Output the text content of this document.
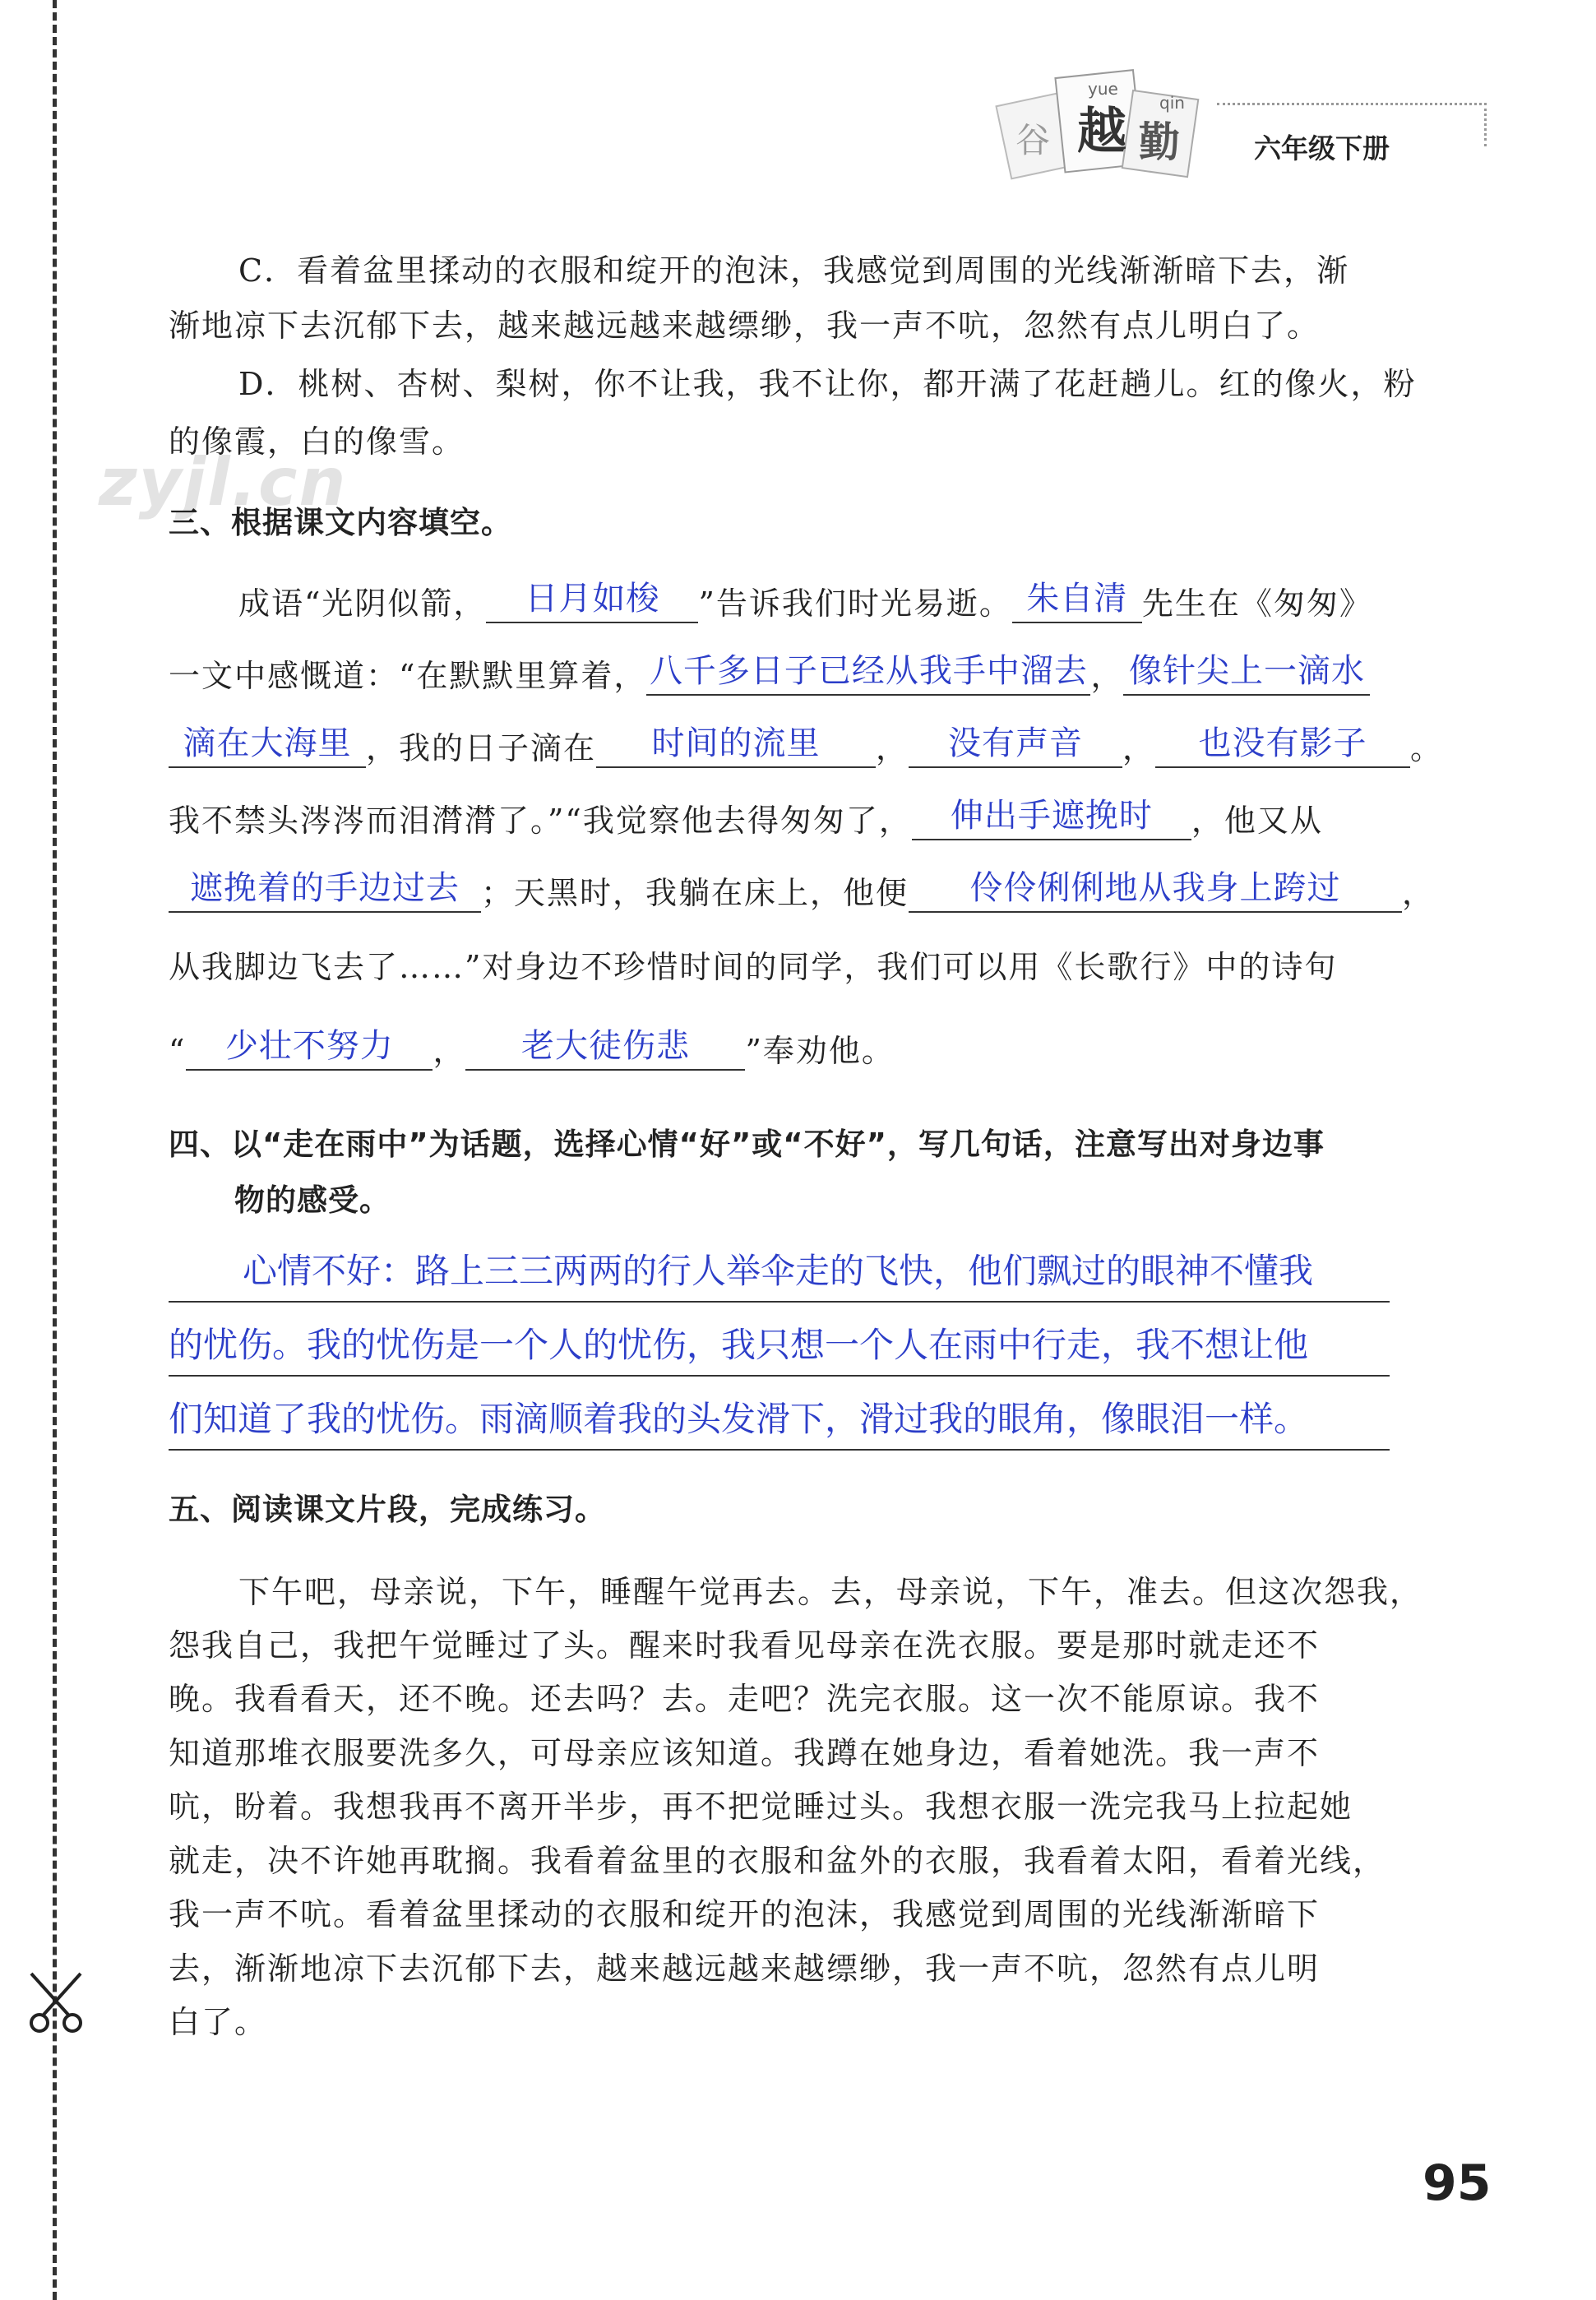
谷
yue
越 qin
勤	六年级下册
zyjl.cn
C．看着盆里揉动的衣服和绽开的泡沫，我感觉到周围的光线渐渐暗下去，渐
渐地凉下去沉郁下去，越来越远越来越缥缈，我一声不吭，忽然有点儿明白了。
D．桃树、杏树、梨树，你不让我，我不让你，都开满了花赶趟儿。红的像火，粉
的像霞，白的像雪。
三、根据课文内容填空。
成语“光阴似箭，	日月如梭	”告诉我们时光易逝。 朱自清 先生在《匆匆》
一文中感慨道：“在默默里算着， 八千多日子已经从我手中溜去 ， 像针尖上一滴水
滴在大海里 ，我的日子滴在	时间的流里	，	没有声音	，	也没有影子	。
我不禁头涔涔而泪潸潸了。”“我觉察他去得匆匆了，	伸出手遮挽时	，他又从
遮挽着的手边过去 ；天黑时，我躺在床上，他便	伶伶俐俐地从我身上跨过	，
从我脚边飞去了……”对身边不珍惜时间的同学，我们可以用《长歌行》中的诗句
“	少壮不努力	，	老大徒伤悲	”奉劝他。
四、以“走在雨中”为话题，选择心情“好”或“不好”，写几句话，注意写出对身边事
物的感受。
心情不好：路上三三两两的行人举伞走的飞快，他们飘过的眼神不懂我
的忧伤。我的忧伤是一个人的忧伤，我只想一个人在雨中行走，我不想让他
们知道了我的忧伤。雨滴顺着我的头发滑下，滑过我的眼角，像眼泪一样。
五、阅读课文片段，完成练习。
下午吧，母亲说，下午，睡醒午觉再去。去，母亲说，下午，准去。但这次怨我，
怨我自己，我把午觉睡过了头。醒来时我看见母亲在洗衣服。要是那时就走还不
晚。我看看天，还不晚。还去吗？去。走吧？洗完衣服。这一次不能原谅。我不
知道那堆衣服要洗多久，可母亲应该知道。我蹲在她身边，看着她洗。我一声不
吭，盼着。我想我再不离开半步，再不把觉睡过头。我想衣服一洗完我马上拉起她
就走，决不许她再耽搁。我看着盆里的衣服和盆外的衣服，我看着太阳，看着光线，
我一声不吭。看着盆里揉动的衣服和绽开的泡沫，我感觉到周围的光线渐渐暗下
去，渐渐地凉下去沉郁下去，越来越远越来越缥缈，我一声不吭，忽然有点儿明
白了。
95
